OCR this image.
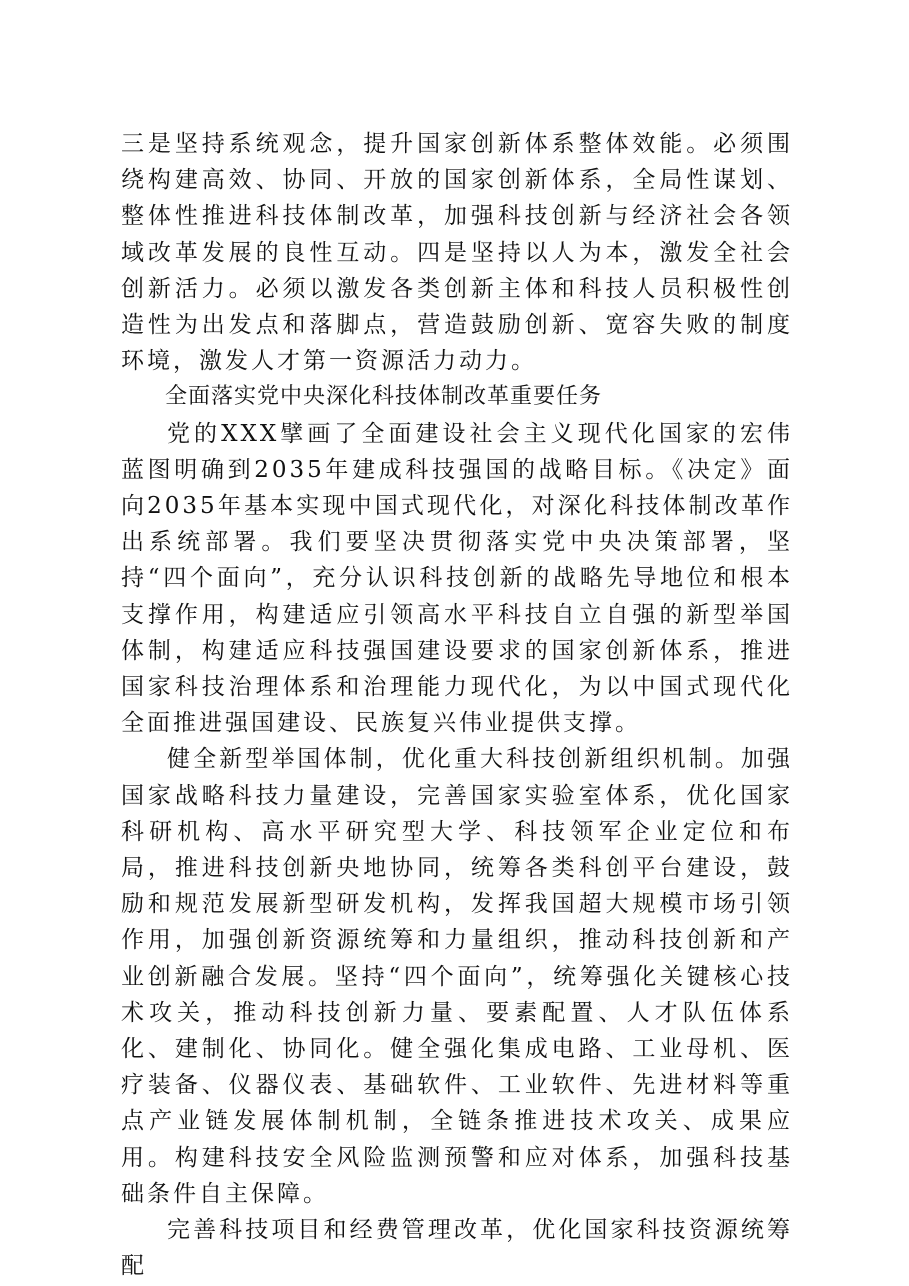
三是坚持系统观念，提升国家创新体系整体效能。必须围绕构建高效、协同、开放的国家创新体系，全局性谋划、整体性推进科技体制改革，加强科技创新与经济社会各领域改革发展的良性互动。四是坚持以人为本，激发全社会创新活力。必须以激发各类创新主体和科技人员积极性创造性为出发点和落脚点，营造鼓励创新、宽容失败的制度环境，激发人才第一资源活力动力。

全面落实党中央深化科技体制改革重要任务

党的XXX擘画了全面建设社会主义现代化国家的宏伟蓝图明确到2035年建成科技强国的战略目标。《决定》面向2035年基本实现中国式现代化，对深化科技体制改革作出系统部署。我们要坚决贯彻落实党中央决策部署，坚持“四个面向”，充分认识科技创新的战略先导地位和根本支撑作用，构建适应引领高水平科技自立自强的新型举国体制，构建适应科技强国建设要求的国家创新体系，推进国家科技治理体系和治理能力现代化，为以中国式现代化全面推进强国建设、民族复兴伟业提供支撑。

健全新型举国体制，优化重大科技创新组织机制。加强国家战略科技力量建设，完善国家实验室体系，优化国家科研机构、高水平研究型大学、科技领军企业定位和布局，推进科技创新央地协同，统筹各类科创平台建设，鼓励和规范发展新型研发机构，发挥我国超大规模市场引领作用，加强创新资源统筹和力量组织，推动科技创新和产业创新融合发展。坚持“四个面向”，统筹强化关键核心技术攻关，推动科技创新力量、要素配置、人才队伍体系化、建制化、协同化。健全强化集成电路、工业母机、医疗装备、仪器仪表、基础软件、工业软件、先进材料等重点产业链发展体制机制，全链条推进技术攻关、成果应用。构建科技安全风险监测预警和应对体系，加强科技基础条件自主保障。

完善科技项目和经费管理改革，优化国家科技资源统筹配
